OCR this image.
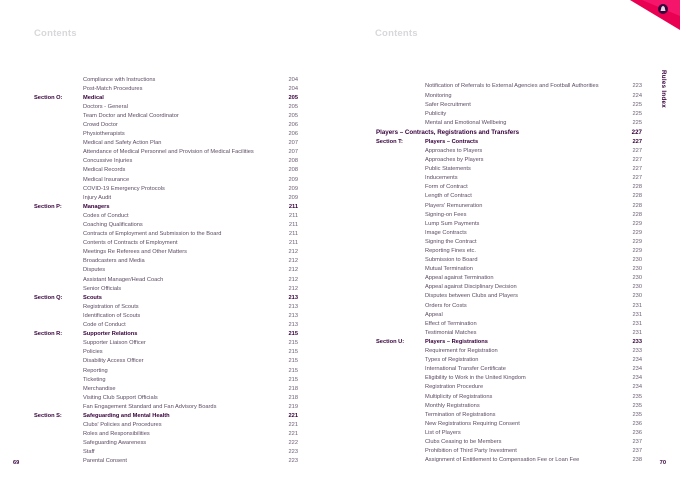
Contents
Compliance with Instructions	204
Post-Match Procedures	204
Section O:	Medical	205
Doctors - General	205
Team Doctor and Medical Coordinator	205
Crowd Doctor	206
Physiotherapists	206
Medical and Safety Action Plan	207
Attendance of Medical Personnel and Provision of Medical Facilities	207
Concussive Injuries	208
Medical Records	208
Medical Insurance	209
COVID-19 Emergency Protocols	209
Injury Audit	209
Section P:	Managers	211
Codes of Conduct	211
Coaching Qualifications	211
Contracts of Employment and Submission to the Board	211
Contents of Contracts of Employment	211
Meetings Re Referees and Other Matters	212
Broadcasters and Media	212
Disputes	212
Assistant Manager/Head Coach	212
Senior Officials	212
Section Q:	Scouts	213
Registration of Scouts	213
Identification of Scouts	213
Code of Conduct	213
Section R:	Supporter Relations	215
Supporter Liaison Officer	215
Policies	215
Disability Access Officer	215
Reporting	215
Ticketing	215
Merchandise	218
Visiting Club Support Officials	218
Fan Engagement Standard and Fan Advisory Boards	219
Section S:	Safeguarding and Mental Health	221
Clubs' Policies and Procedures	221
Roles and Responsibilities	221
Safeguarding Awareness	222
Staff	223
Parental Consent	223
69
Contents
Notification of Referrals to External Agencies and Football Authorities	223
Monitoring	224
Safer Recruitment	225
Publicity	225
Mental and Emotional Wellbeing	225
Players – Contracts, Registrations and Transfers	227
Section T:	Players – Contracts	227
Approaches to Players	227
Approaches by Players	227
Public Statements	227
Inducements	227
Form of Contract	228
Length of Contract	228
Players' Remuneration	228
Signing-on Fees	228
Lump Sum Payments	229
Image Contracts	229
Signing the Contract	229
Reporting Fines etc.	229
Submission to Board	230
Mutual Termination	230
Appeal against Termination	230
Appeal against Disciplinary Decision	230
Disputes between Clubs and Players	230
Orders for Costs	231
Appeal	231
Effect of Termination	231
Testimonial Matches	231
Section U:	Players – Registrations	233
Requirement for Registration	233
Types of Registration	234
International Transfer Certificate	234
Eligibility to Work in the United Kingdom	234
Registration Procedure	234
Multiplicity of Registrations	235
Monthly Registrations	235
Termination of Registrations	235
New Registrations Requiring Consent	236
List of Players	236
Clubs Ceasing to be Members	237
Prohibition of Third Party Investment	237
Assignment of Entitlement to Compensation Fee or Loan Fee	238	70
Rules Index
